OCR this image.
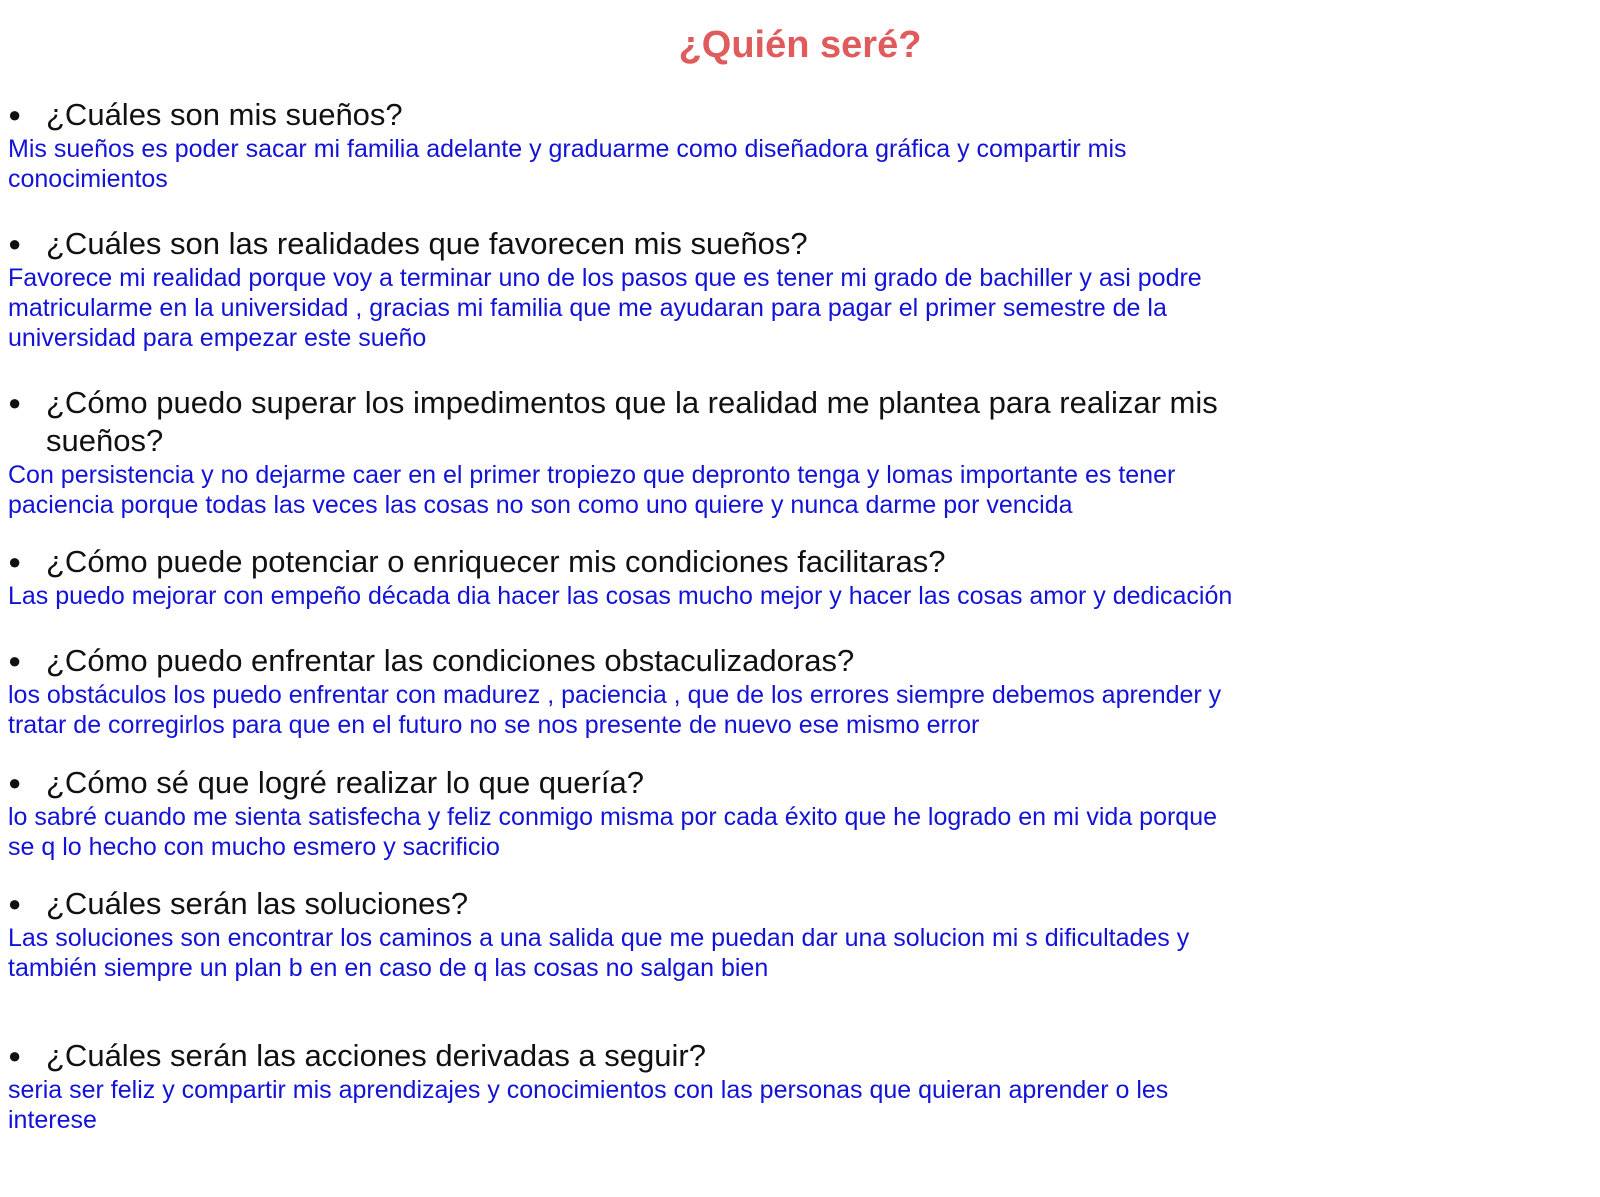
¿Quién seré?
● ¿Cuáles son mis sueños?
Mis sueños es poder sacar mi familia adelante y graduarme como diseñadora gráfica y compartir mis
conocimientos
● ¿Cuáles son las realidades que favorecen mis sueños?
Favorece mi realidad porque voy a terminar uno de los pasos que es tener mi grado de bachiller y asi podre
matricularme en la universidad , gracias mi familia que me ayudaran para pagar el primer semestre de la
universidad para empezar este sueño
● ¿Cómo puedo superar los impedimentos que la realidad me plantea para realizar mis
sueños?
Con persistencia y no dejarme caer en el primer tropiezo que depronto tenga y lomas importante es tener
paciencia porque todas las veces las cosas no son como uno quiere y nunca darme por vencida
● ¿Cómo puede potenciar o enriquecer mis condiciones facilitaras?
Las puedo mejorar con empeño década dia hacer las cosas mucho mejor y hacer las cosas amor y dedicación
● ¿Cómo puedo enfrentar las condiciones obstaculizadoras?
los obstáculos los puedo enfrentar con madurez , paciencia , que de los errores siempre debemos aprender y
tratar de corregirlos para que en el futuro no se nos presente de nuevo ese mismo error
● ¿Cómo sé que logré realizar lo que quería?
lo sabré cuando me sienta satisfecha y feliz conmigo misma por cada éxito que he logrado en mi vida porque
se q lo hecho con mucho esmero y sacrificio
● ¿Cuáles serán las soluciones?
Las soluciones son encontrar los caminos a una salida que me puedan dar una solucion mi s dificultades y
también siempre un plan b en en caso de q las cosas no salgan bien
● ¿Cuáles serán las acciones derivadas a seguir?
seria ser feliz y compartir mis aprendizajes y conocimientos con las personas que quieran aprender o les
interese
